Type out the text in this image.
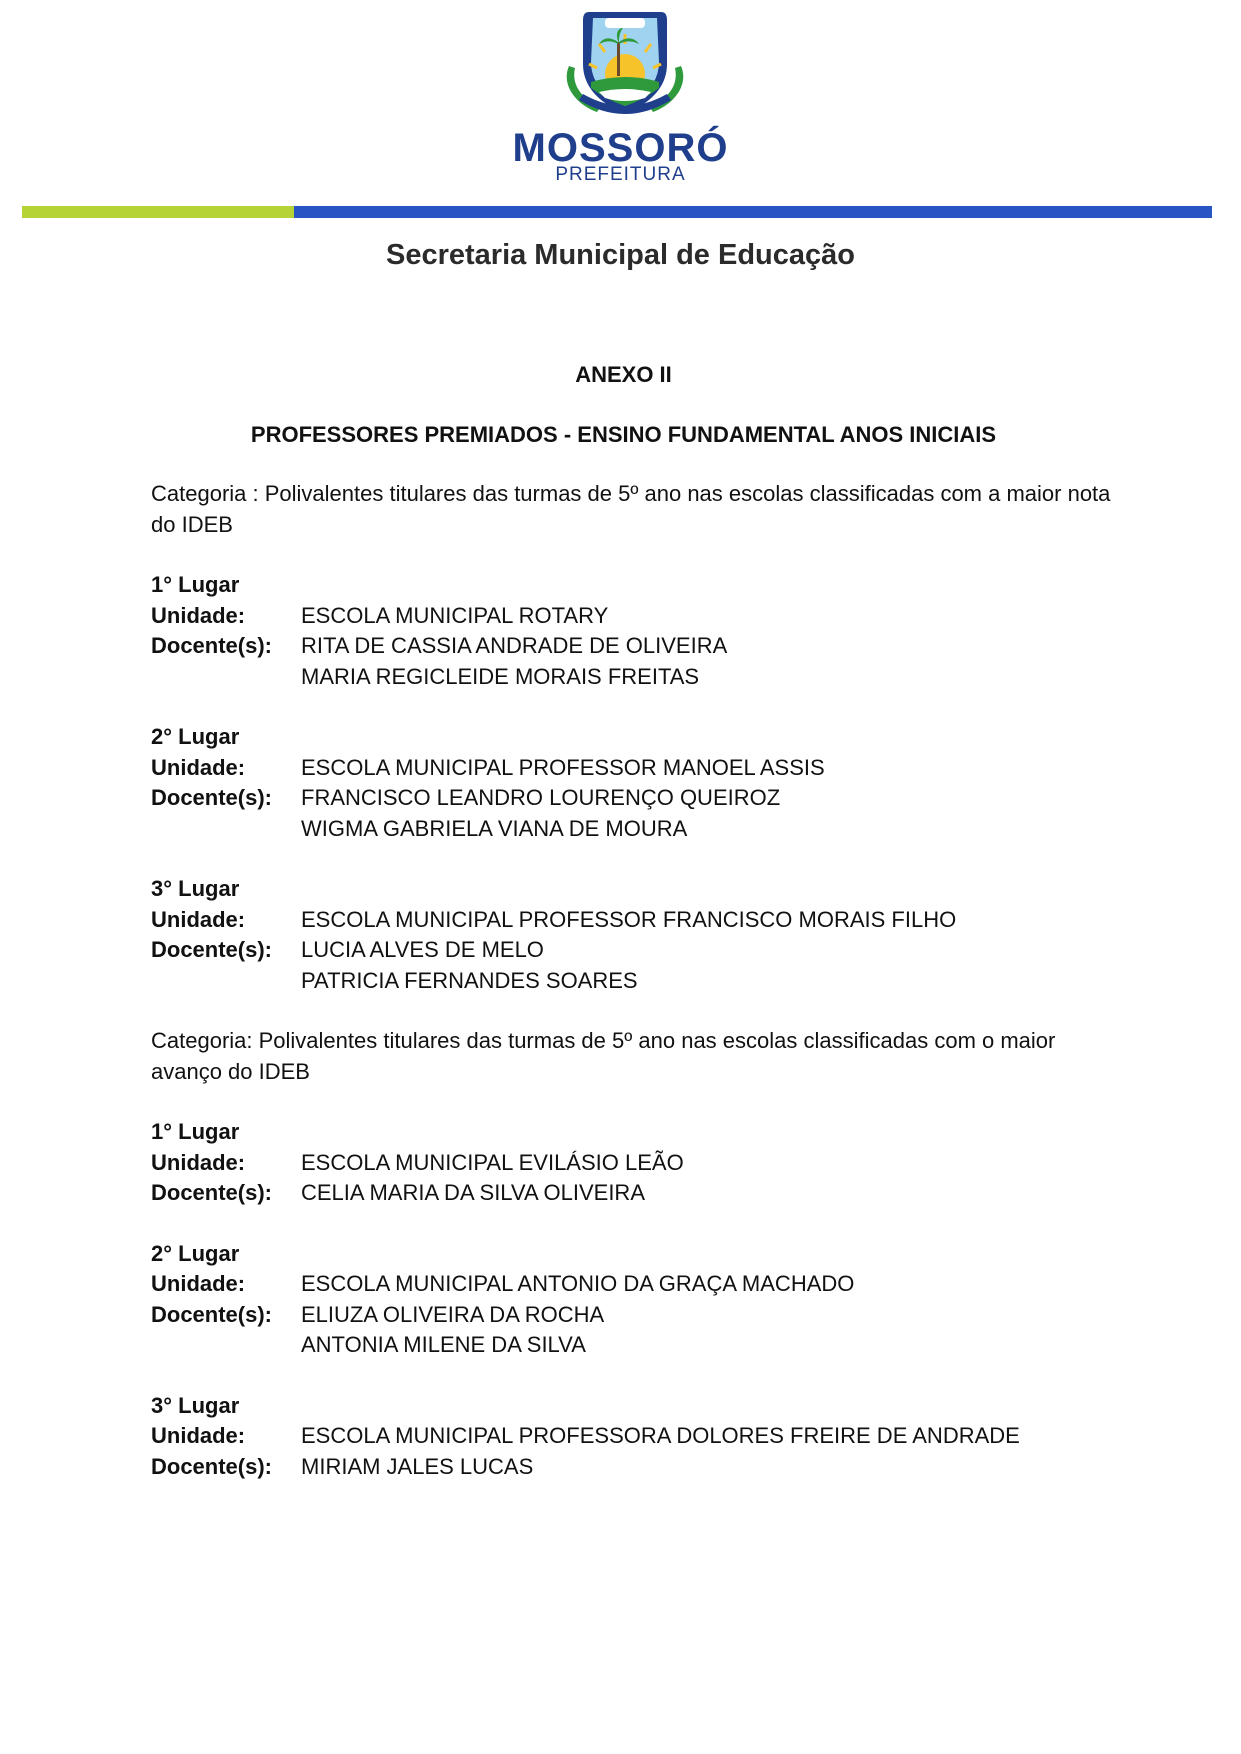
MOSSORÓ
PREFEITURA
Secretaria Municipal de Educação
ANEXO II
PROFESSORES PREMIADOS - ENSINO FUNDAMENTAL ANOS INICIAIS
Categoria : Polivalentes titulares das turmas de 5º ano nas escolas classificadas com a maior nota do IDEB
1° Lugar
Unidade:	ESCOLA MUNICIPAL ROTARY
Docente(s):	RITA DE CASSIA ANDRADE DE OLIVEIRA
MARIA REGICLEIDE MORAIS FREITAS
2° Lugar
Unidade:	ESCOLA MUNICIPAL PROFESSOR MANOEL ASSIS
Docente(s):	FRANCISCO LEANDRO LOURENÇO QUEIROZ
WIGMA GABRIELA VIANA DE MOURA
3° Lugar
Unidade:	ESCOLA MUNICIPAL PROFESSOR FRANCISCO MORAIS FILHO
Docente(s):	LUCIA ALVES DE MELO
PATRICIA FERNANDES SOARES
Categoria: Polivalentes titulares das turmas de 5º ano nas escolas classificadas com o maior avanço do IDEB
1° Lugar
Unidade:	ESCOLA MUNICIPAL EVILÁSIO LEÃO
Docente(s):	CELIA MARIA DA SILVA OLIVEIRA
2° Lugar
Unidade:	ESCOLA MUNICIPAL ANTONIO DA GRAÇA MACHADO
Docente(s):	ELIUZA OLIVEIRA DA ROCHA
ANTONIA MILENE DA SILVA
3° Lugar
Unidade:	ESCOLA MUNICIPAL PROFESSORA DOLORES FREIRE DE ANDRADE
Docente(s):	MIRIAM JALES LUCAS
